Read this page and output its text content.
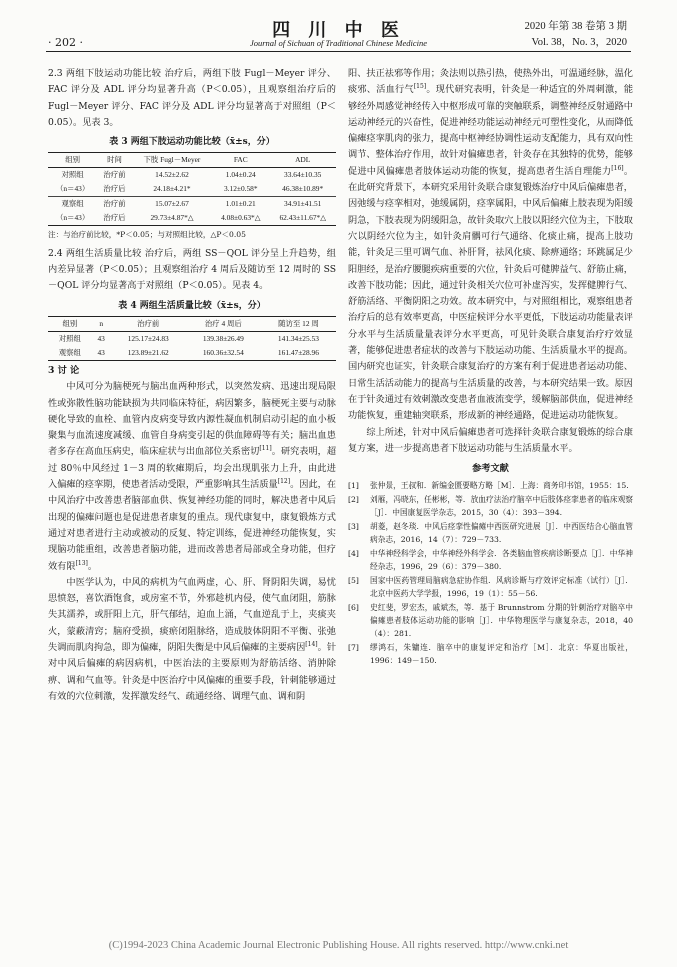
· 202 ·
四 川 中 医
Journal of Sichuan of Traditional Chinese Medicine
2020 年第 38 卷第 3 期
Vol. 38，No. 3，2020

2.3 两组下肢运动功能比较 治疗后，两组下肢 Fugl－Meyer 评分、FAC 评分及 ADL 评分均显著升高（P＜0.05），且观察组治疗后的 Fugl－Meyer 评分、FAC 评分及 ADL 评分均显著高于对照组（P＜0.05）。见表 3。

表 3 两组下肢运动功能比较（x̄±s，分）
组别	时间	下肢 Fugl－Meyer	FAC	ADL
对照组	治疗前	14.52±2.62	1.04±0.24	33.64±10.35
（n＝43）	治疗后	24.18±4.21*	3.12±0.58*	46.38±10.89*
观察组	治疗前	15.07±2.67	1.01±0.21	34.91±41.51
（n＝43）	治疗后	29.73±4.87*△	4.08±0.63*△	62.43±11.67*△
注：与治疗前比较，*P＜0.05；与对照组比较，△P＜0.05

2.4 两组生活质量比较 治疗后，两组 SS－QOL 评分呈上升趋势，组内差异显著（P＜0.05）；且观察组治疗 4 周后及随访至 12 周时的 SS－QOL 评分均显著高于对照组（P＜0.05）。见表 4。

表 4 两组生活质量比较（x̄±s，分）
组别	n	治疗前	治疗 4 周后	随访至 12 周
对照组	43	125.17±24.83	139.38±26.49	141.34±25.53
观察组	43	123.89±21.62	160.36±32.54	161.47±28.96
3 讨 论

中风可分为脑梗死与脑出血两种形式，以突然发病、迅速出现局限性或弥散性脑功能缺损为共同临床特征，病因繁多，脑梗死主要与动脉硬化导致的血栓、血管内皮病变导致内源性凝血机制启动引起的血小板聚集与血流速度减缓、血管自身病变引起的供血障碍等有关；脑出血患者多存在高血压病史，临床症状与出血部位关系密切[11]。研究表明，超过 80％中风经过 1－3 周的软瘫期后，均会出现肌张力上升，由此进入偏瘫的痉挛期，使患者活动受限，严重影响其生活质量[12]。因此，在中风治疗中改善患者脑部血供、恢复神经功能的同时，解决患者中风后出现的偏瘫问题也是促进患者康复的重点。现代康复中，康复锻炼方式通过对患者进行主动或被动的反复、特定训练，促进神经功能恢复，实现脑功能重组，改善患者脑功能，进而改善患者局部或全身功能，但疗效有限[13]。

中医学认为，中风的病机为气血两虚，心、肝、肾阴阳失调，易忧思愤怒，喜饮酒饱食，或房室不节，外邪趁机内侵，使气血闭阻，筋脉失其濡养，或肝阳上亢，肝气郁结，迫血上涌，气血逆乱于上，夹痰夹火，蒙蔽清窍；脑府受损，痰瘀闭阻脉络，造成肢体阴阳不平衡、张弛失调而肌肉拘急，即为偏瘫，阴阳失衡是中风后偏瘫的主要病因[14]。针对中风后偏瘫的病因病机，中医治法的主要原则为舒筋活络、消肿除痹、调和气血等。针灸是中医治疗中风偏瘫的重要手段，针刺能够通过有效的穴位刺激，发挥激发经气、疏通经络、调理气血、调和阴

阳、扶正祛邪等作用；灸法则以热引热，使热外出，可温通经脉，温化痰邪、活血行气[15]。现代研究表明，针灸是一种适宜的外周刺激，能够经外周感觉神经传入中枢形成可靠的突触联系，调整神经反射通路中运动神经元的兴奋性，促进神经功能运动神经元可塑性变化，从而降低偏瘫痉挛肌肉的张力，提高中枢神经协调性运动支配能力，具有双向性调节、整体治疗作用，故针对偏瘫患者，针灸存在其独特的优势，能够促进中风偏瘫患者肢体运动功能的恢复，提高患者生活自理能力[16]。在此研究背景下，本研究采用针灸联合康复锻炼治疗中风后偏瘫患者，因弛缓与痉挛相对，弛缓属阴，痉挛属阳，中风后偏瘫上肢表现为阳缓阴急，下肢表现为阴缓阳急，故针灸取穴上肢以阳经穴位为主，下肢取穴以阴经穴位为主，如针灸肩髃可行气通络、化痰止痛，提高上肢功能，针灸足三里可调气血、补肝肾，祛风化痰、除痹通络；环跳属足少阳胆经，是治疗腰腿疾病重要的穴位，针灸后可健脾益气、舒筋止痛，改善下肢功能；因此，通过针灸相关穴位可补虚泻实，发挥健脾行气、舒筋活络、平衡阴阳之功效。故本研究中，与对照组相比，观察组患者治疗后的总有效率更高，中医症候评分水平更低，下肢运动功能量表评分水平与生活质量量表评分水平更高，可见针灸联合康复治疗疗效显著，能够促进患者症状的改善与下肢运动功能、生活质量水平的提高。国内研究也证实，针灸联合康复治疗的方案有利于促进患者运动功能、日常生活活动能力的提高与生活质量的改善，与本研究结果一致。原因在于针灸通过有效刺激改变患者血液流变学，缓解脑部供血，促进神经功能恢复，重建轴突联系，形成新的神经通路，促进运动功能恢复。

综上所述，针对中风后偏瘫患者可选择针灸联合康复锻炼的综合康复方案，进一步提高患者下肢运动功能与生活质量水平。

参考文献
[1]	张仲景，王叔和．新编金匮要略方略［M］．上海：商务印书馆，1955：15.
[2]	刘雁，冯晓东，任彬彬，等．放血疗法治疗脑卒中后肢体痉挛患者的临床观察［J］．中国康复医学杂志，2015，30（4）：393－394.
[3]	胡菱，赵冬琰．中风后痉挛性偏瘫中西医研究进展［J］．中西医结合心脑血管病杂志，2016，14（7）：729－733.
[4]	中华神经科学会，中华神经外科学会．各类脑血管疾病诊断要点［J］．中华神经杂志，1996，29（6）：379－380.
[5]	国家中医药管理局脑病急症协作组．风病诊断与疗效评定标准（试行）［J］．北京中医药大学学报，1996，19（1）：55－56.
[6]	史红斐，罗宏杰，戚斌杰，等．基于 Brunnstrom 分期的针刺治疗对脑卒中偏瘫患者肢体运动功能的影响［J］．中华物理医学与康复杂志，2018，40（4）：281.
[7]	缪鸿石，朱镛连．脑卒中的康复评定和治疗［M］．北京：华夏出版社，1996：149－150.
(C)1994-2023 China Academic Journal Electronic Publishing House. All rights reserved. http://www.cnki.net
